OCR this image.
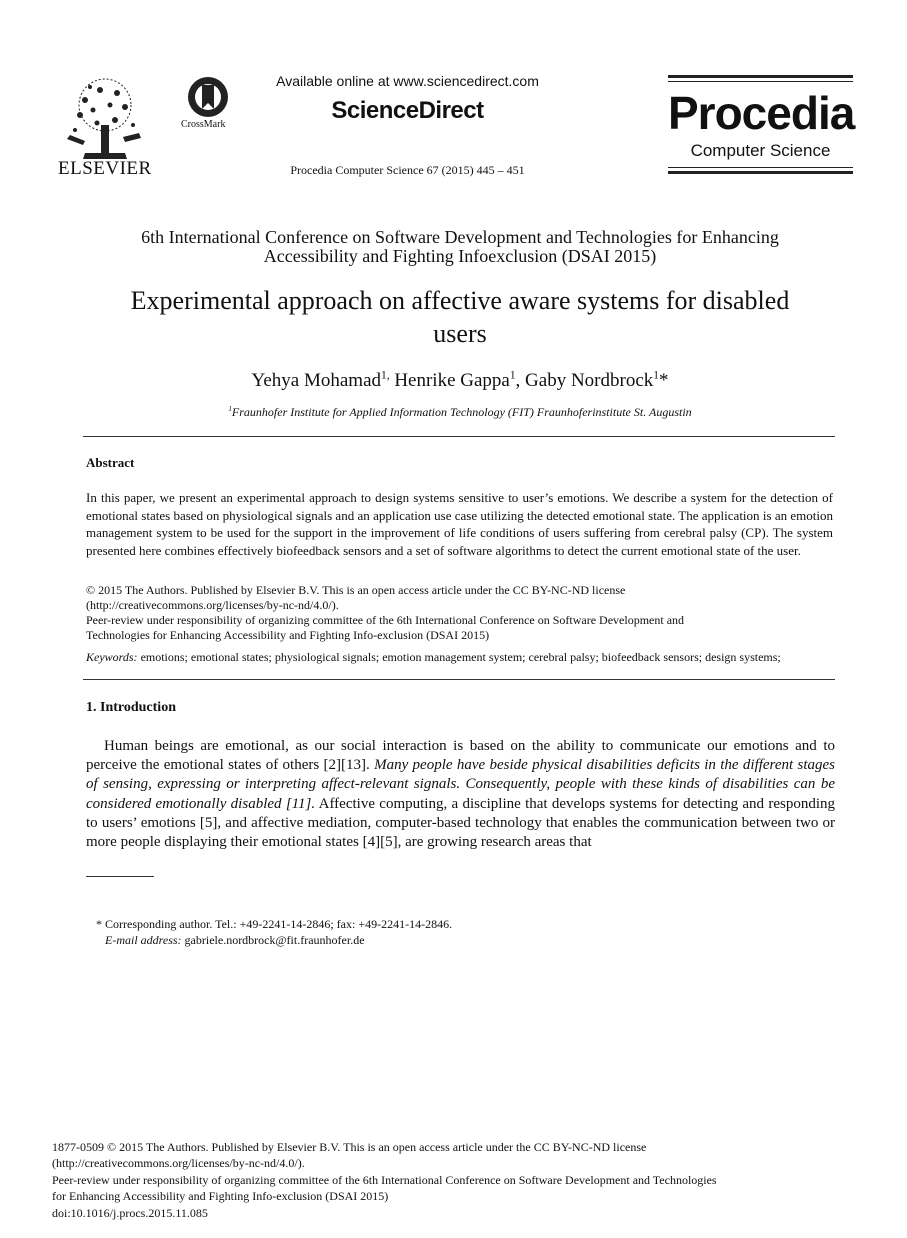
ELSEVIER
CrossMark
Available online at www.sciencedirect.com
ScienceDirect
Procedia Computer Science 67 (2015) 445 – 451
Procedia
Computer Science
6th International Conference on Software Development and Technologies for Enhancing
Accessibility and Fighting Infoexclusion (DSAI 2015)
Experimental approach on affective aware systems for disabled
users
Yehya Mohamad$^{1,}$ Henrike Gappa$^1$, Gaby Nordbrock$^1$*
$^1$Fraunhofer Institute for Applied Information Technology (FIT) Fraunhoferinstitute St. Augustin
Abstract
In this paper, we present an experimental approach to design systems sensitive to user’s emotions. We describe a system for the detection of emotional states based on physiological signals and an application use case utilizing the detected emotional state. The application is an emotion management system to be used for the support in the improvement of life conditions of users suffering from cerebral palsy (CP). The system presented here combines effectively biofeedback sensors and a set of software algorithms to detect the current emotional state of the user.
© 2015 The Authors. Published by Elsevier B.V. This is an open access article under the CC BY-NC-ND license
(http://creativecommons.org/licenses/by-nc-nd/4.0/).
Peer-review under responsibility of organizing committee of the 6th International Conference on Software Development and
Technologies for Enhancing Accessibility and Fighting Info-exclusion (DSAI 2015)
Keywords: emotions; emotional states; physiological signals; emotion management system; cerebral palsy; biofeedback sensors; design systems;
1. Introduction
Human beings are emotional, as our social interaction is based on the ability to communicate our emotions and to perceive the emotional states of others [2][13]. Many people have beside physical disabilities deficits in the different stages of sensing, expressing or interpreting affect-relevant signals. Consequently, people with these kinds of disabilities can be considered emotionally disabled [11]. Affective computing, a discipline that develops systems for detecting and responding to users’ emotions [5], and affective mediation, computer-based technology that enables the communication between two or more people displaying their emotional states [4][5], are growing research areas that
* Corresponding author. Tel.: +49-2241-14-2846; fax: +49-2241-14-2846.
E-mail address: gabriele.nordbrock@fit.fraunhofer.de
1877-0509 © 2015 The Authors. Published by Elsevier B.V. This is an open access article under the CC BY-NC-ND license
(http://creativecommons.org/licenses/by-nc-nd/4.0/).
Peer-review under responsibility of organizing committee of the 6th International Conference on Software Development and Technologies
for Enhancing Accessibility and Fighting Info-exclusion (DSAI 2015)
doi:10.1016/j.procs.2015.11.085
